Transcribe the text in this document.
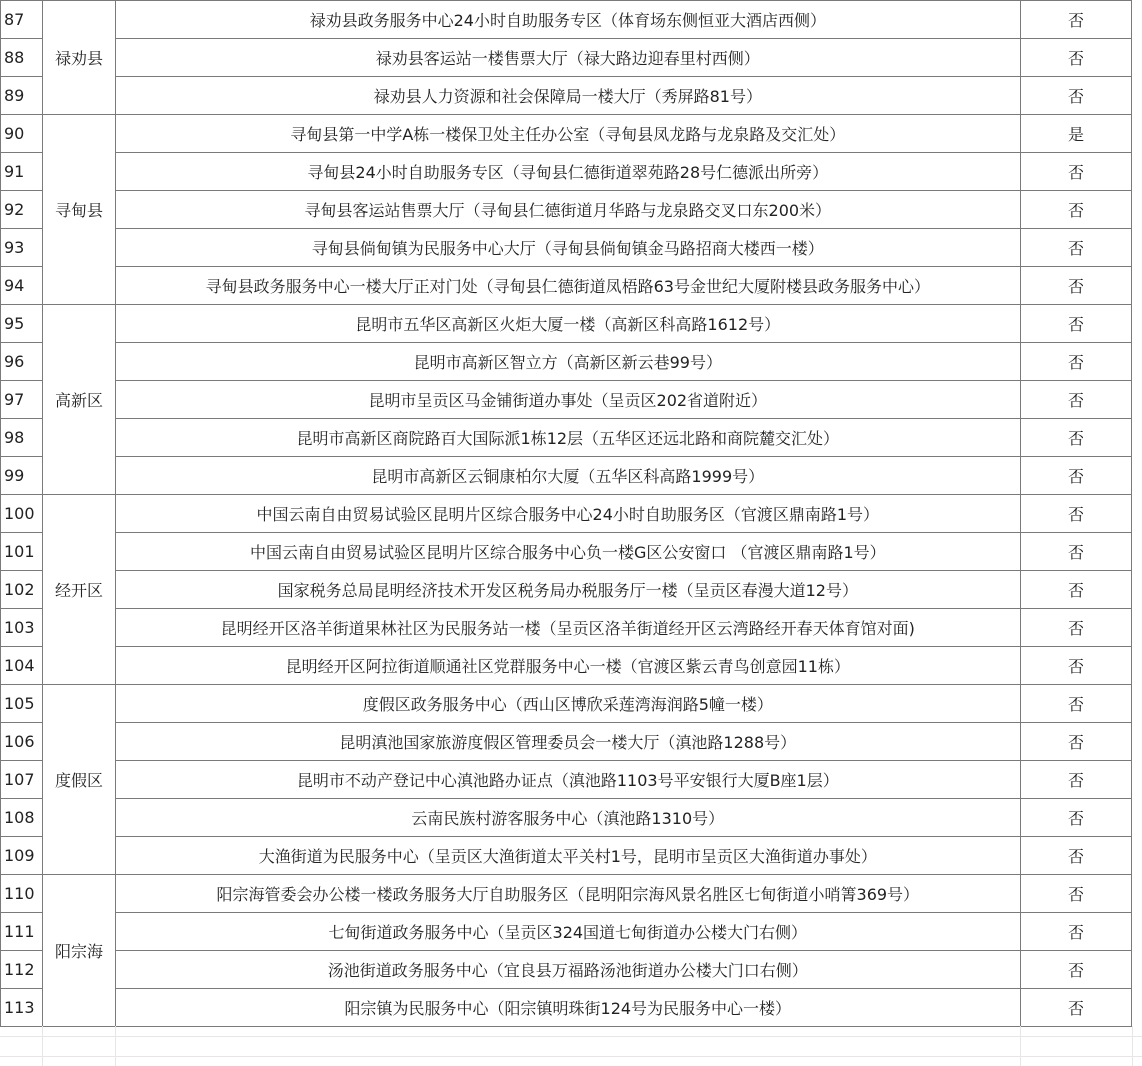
87	禄劝县	禄劝县政务服务中心24小时自助服务专区（体育场东侧恒亚大酒店西侧）	否	
88		禄劝县客运站一楼售票大厅（禄大路边迎春里村西侧）	否	
89		禄劝县人力资源和社会保障局一楼大厅（秀屏路81号）	否	
90	寻甸县	寻甸县第一中学A栋一楼保卫处主任办公室（寻甸县凤龙路与龙泉路及交汇处）	是	
91		寻甸县24小时自助服务专区（寻甸县仁德街道翠苑路28号仁德派出所旁）	否	
92		寻甸县客运站售票大厅（寻甸县仁德街道月华路与龙泉路交叉口东200米）	否	
93		寻甸县倘甸镇为民服务中心大厅（寻甸县倘甸镇金马路招商大楼西一楼）	否	
94		寻甸县政务服务中心一楼大厅正对门处（寻甸县仁德街道凤梧路63号金世纪大厦附楼县政务服务中心）	否	
95	高新区	昆明市五华区高新区火炬大厦一楼（高新区科高路1612号）	否	
96		昆明市高新区智立方（高新区新云巷99号）	否	
97		昆明市呈贡区马金铺街道办事处（呈贡区202省道附近）	否	
98		昆明市高新区商院路百大国际派1栋12层（五华区还远北路和商院麓交汇处）	否	
99		昆明市高新区云铜康柏尔大厦（五华区科高路1999号）	否	
100	经开区	中国云南自由贸易试验区昆明片区综合服务中心24小时自助服务区（官渡区鼎南路1号）	否	
101		中国云南自由贸易试验区昆明片区综合服务中心负一楼G区公安窗口 （官渡区鼎南路1号）	否	
102		国家税务总局昆明经济技术开发区税务局办税服务厅一楼（呈贡区春漫大道12号）	否	
103		昆明经开区洛羊街道果林社区为民服务站一楼（呈贡区洛羊街道经开区云湾路经开春天体育馆对面)	否	
104		昆明经开区阿拉街道顺通社区党群服务中心一楼（官渡区紫云青鸟创意园11栋）	否	
105	度假区	度假区政务服务中心（西山区博欣采莲湾海润路5幢一楼）	否	
106		昆明滇池国家旅游度假区管理委员会一楼大厅（滇池路1288号）	否	
107		昆明市不动产登记中心滇池路办证点（滇池路1103号平安银行大厦B座1层）	否	
108		云南民族村游客服务中心（滇池路1310号）	否	
109		大渔街道为民服务中心（呈贡区大渔街道太平关村1号，昆明市呈贡区大渔街道办事处）	否	
110	阳宗海	阳宗海管委会办公楼一楼政务服务大厅自助服务区（昆明阳宗海风景名胜区七甸街道小哨箐369号）	否	
111		七甸街道政务服务中心（呈贡区324国道七甸街道办公楼大门右侧）	否	
112		汤池街道政务服务中心（宜良县万福路汤池街道办公楼大门口右侧）	否	
113		阳宗镇为民服务中心（阳宗镇明珠街124号为民服务中心一楼）	否	
